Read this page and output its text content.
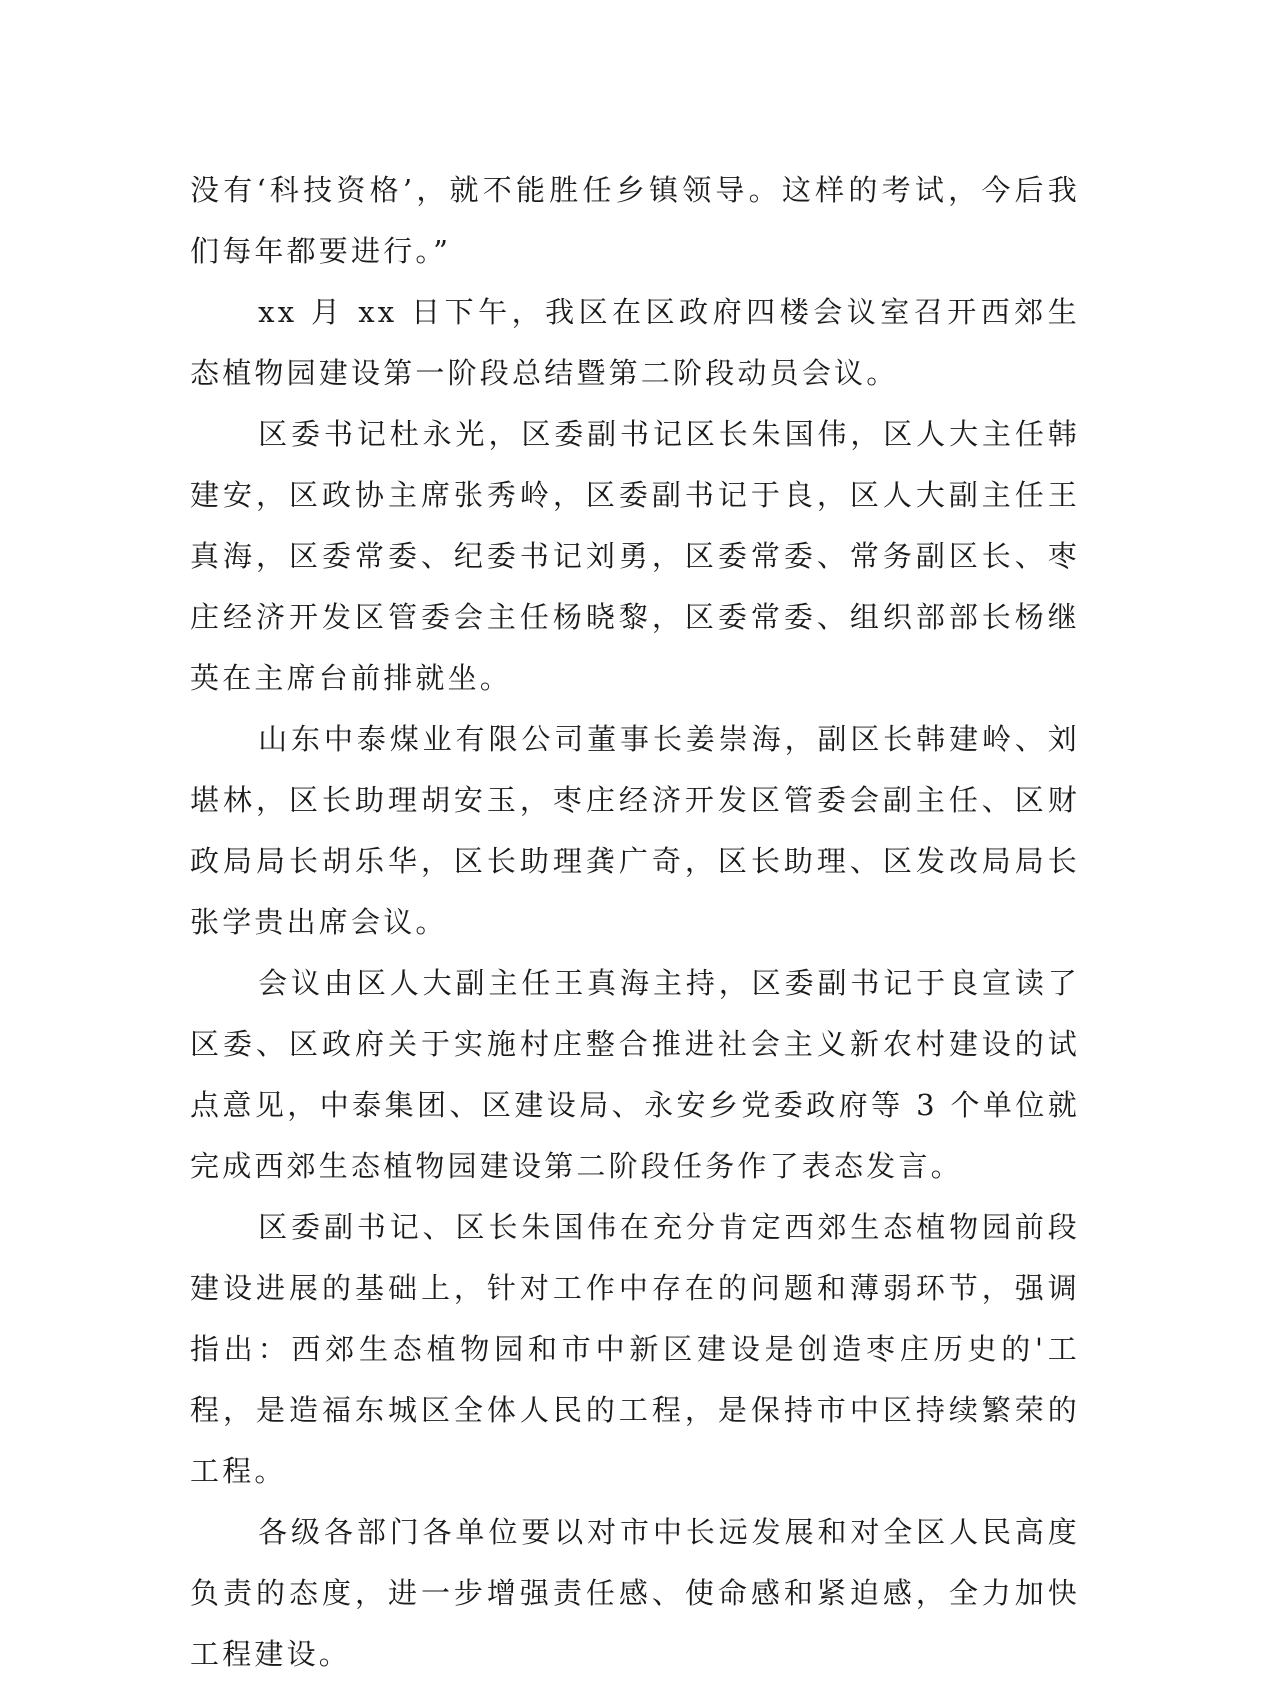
没有‘科技资格’，就不能胜任乡镇领导。这样的考试，今后我们每年都要进行。”

xx 月 xx 日下午，我区在区政府四楼会议室召开西郊生态植物园建设第一阶段总结暨第二阶段动员会议。

区委书记杜永光，区委副书记区长朱国伟，区人大主任韩建安，区政协主席张秀岭，区委副书记于良，区人大副主任王真海，区委常委、纪委书记刘勇，区委常委、常务副区长、枣庄经济开发区管委会主任杨晓黎，区委常委、组织部部长杨继英在主席台前排就坐。

山东中泰煤业有限公司董事长姜崇海，副区长韩建岭、刘堪林，区长助理胡安玉，枣庄经济开发区管委会副主任、区财政局局长胡乐华，区长助理龚广奇，区长助理、区发改局局长张学贵出席会议。

会议由区人大副主任王真海主持，区委副书记于良宣读了区委、区政府关于实施村庄整合推进社会主义新农村建设的试点意见，中泰集团、区建设局、永安乡党委政府等 3 个单位就完成西郊生态植物园建设第二阶段任务作了表态发言。

区委副书记、区长朱国伟在充分肯定西郊生态植物园前段建设进展的基础上，针对工作中存在的问题和薄弱环节，强调指出：西郊生态植物园和市中新区建设是创造枣庄历史的'工程，是造福东城区全体人民的工程，是保持市中区持续繁荣的工程。

各级各部门各单位要以对市中长远发展和对全区人民高度负责的态度，进一步增强责任感、使命感和紧迫感，全力加快工程建设。
